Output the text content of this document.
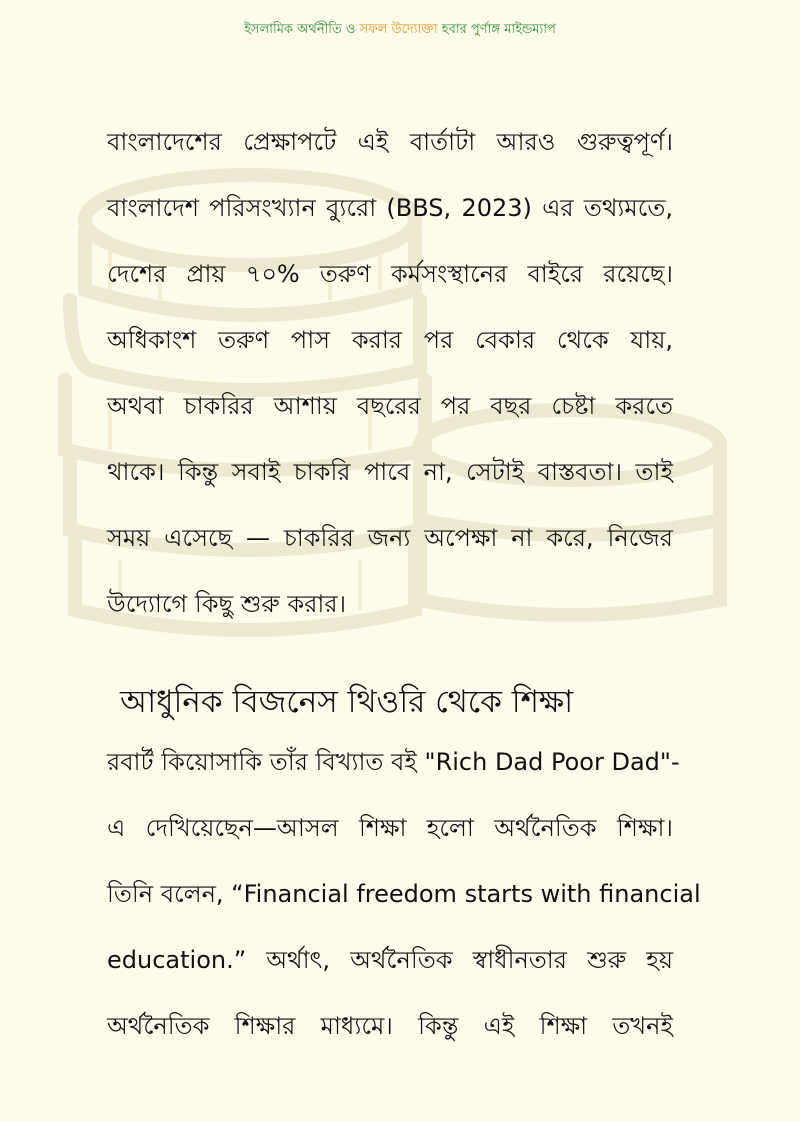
ইসলামিক অর্থনীতি ও সফল উদ্যোক্তা হবার পুর্ণাঙ্গ মাইন্ডম্যাপ

বাংলাদেশের প্রেক্ষাপটে এই বার্তাটা আরও গুরুত্বপূর্ণ।

বাংলাদেশ পরিসংখ্যান ব্যুরো (BBS, 2023) এর তথ্যমতে,

দেশের প্রায় ৭০% তরুণ কর্মসংস্থানের বাইরে রয়েছে।

অধিকাংশ তরুণ পাস করার পর বেকার থেকে যায়,

অথবা চাকরির আশায় বছরের পর বছর চেষ্টা করতে

থাকে। কিন্তু সবাই চাকরি পাবে না, সেটাই বাস্তবতা। তাই

সময় এসেছে — চাকরির জন্য অপেক্ষা না করে, নিজের

উদ্যোগে কিছু শুরু করার।

আধুনিক বিজনেস থিওরি থেকে শিক্ষা

রবার্ট কিয়োসাকি তাঁর বিখ্যাত বই "Rich Dad Poor Dad"-

এ দেখিয়েছেন—আসল শিক্ষা হলো অর্থনৈতিক শিক্ষা।

তিনি বলেন, “Financial freedom starts with financial

education.” অর্থাৎ, অর্থনৈতিক স্বাধীনতার শুরু হয়

অর্থনৈতিক শিক্ষার মাধ্যমে। কিন্তু এই শিক্ষা তখনই
